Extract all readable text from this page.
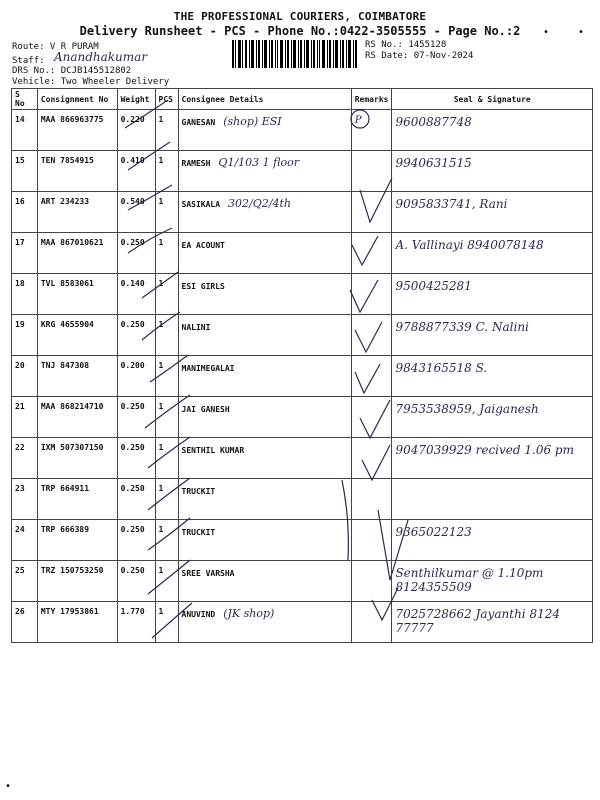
THE PROFESSIONAL COURIERS, COIMBATORE
Delivery Runsheet - PCS - Phone No.:0422-3505555 - Page No.:2
Route: V R PURAM
Staff: Anandhakumar
DRS No.: DCJB145512802
Vehicle: Two Wheeler Delivery
RS No.: 1455128
RS Date: 07-Nov-2024
•	•
•
S No	Consignment No	Weight	PCS	Consignee Details	Remarks	Seal & Signature
14	MAA 866963775	0.220	1	GANESAN (shop) ESI	P	9600887748
15	TEN 7854915	0.410	1	RAMESH Q1/103 1 floor		9940631515
16	ART 234233	0.540	1	SASIKALA 302/Q2/4th		9095833741, Rani
17	MAA 867010621	0.250	1	EA ACOUNT		A. Vallinayi 8940078148
18	TVL 8583061	0.140	1	ESI GIRLS		9500425281
19	KRG 4655904	0.250	1	NALINI		9788877339 C. Nalini
20	TNJ 847308	0.200	1	MANIMEGALAI		9843165518 S.
21	MAA 868214710	0.250	1	JAI GANESH		7953538959, Jaiganesh
22	IXM 507307150	0.250	1	SENTHIL KUMAR		9047039929 recived 1.06 pm
23	TRP 664911	0.250	1	TRUCKIT		
24	TRP 666389	0.250	1	TRUCKIT		9365022123
25	TRZ 150753250	0.250	1	SREE VARSHA		Senthilkumar @ 1.10pm 8124355509
26	MTY 17953861	1.770	1	ANUVIND (JK shop)		7025728662 Jayanthi 8124 77777
